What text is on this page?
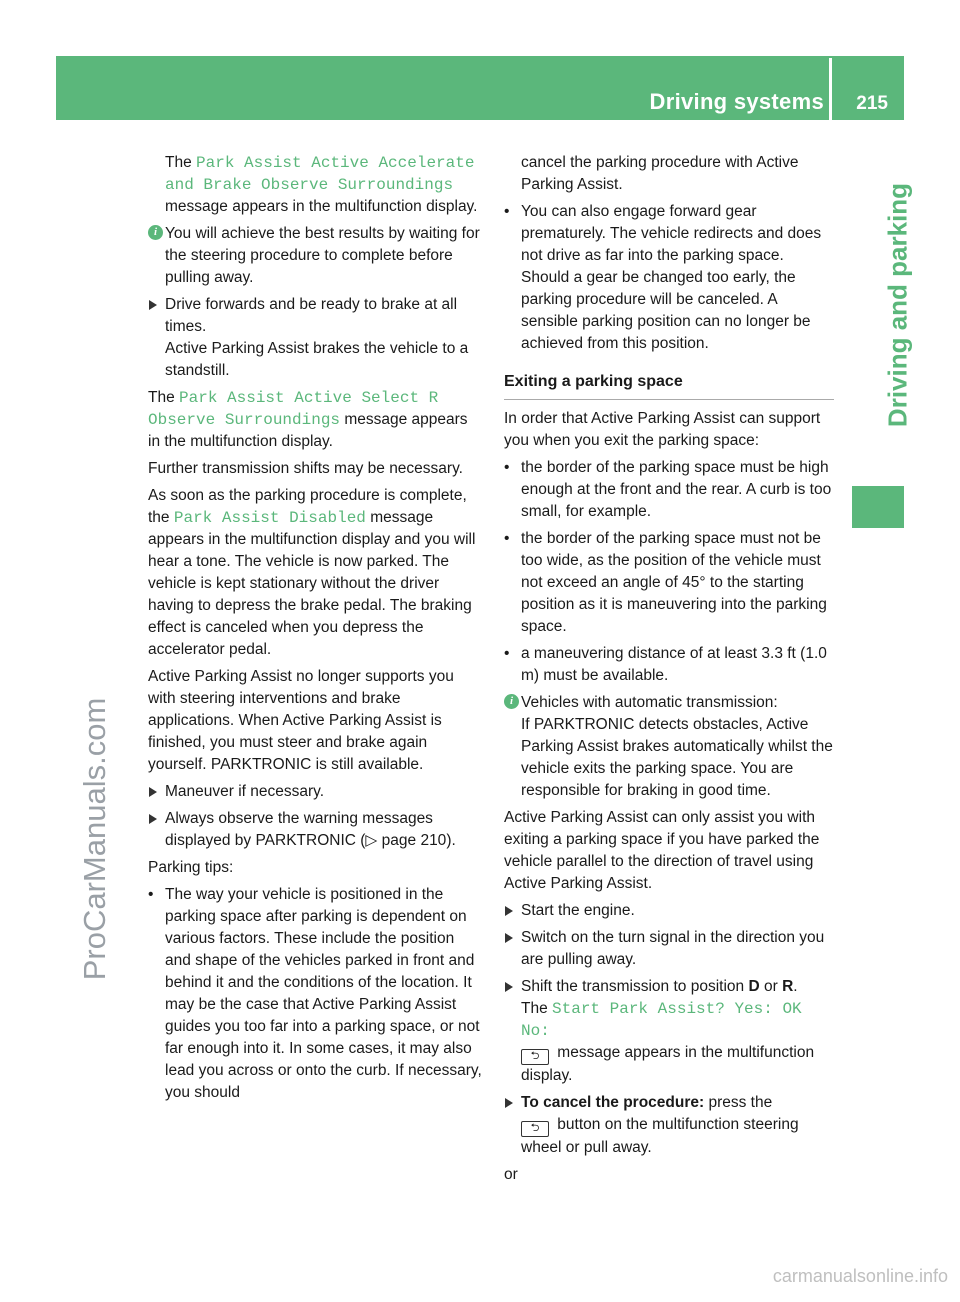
Driving systems 215
Driving and parking
ProCarManuals.com
carmanualsonline.info

The Park Assist Active Accelerate and Brake Observe Surroundings message appears in the multifunction display.

i You will achieve the best results by waiting for the steering procedure to complete before pulling away.
Drive forwards and be ready to brake at all times.
Active Parking Assist brakes the vehicle to a standstill.

The Park Assist Active Select R Observe Surroundings message appears in the multifunction display.

Further transmission shifts may be necessary.

As soon as the parking procedure is complete, the Park Assist Disabled message appears in the multifunction display and you will hear a tone. The vehicle is now parked. The vehicle is kept stationary without the driver having to depress the brake pedal. The braking effect is canceled when you depress the accelerator pedal.

Active Parking Assist no longer supports you with steering interventions and brake applications. When Active Parking Assist is finished, you must steer and brake again yourself. PARKTRONIC is still available.

Maneuver if necessary.
Always observe the warning messages displayed by PARKTRONIC (▷ page 210).

Parking tips:

• The way your vehicle is positioned in the parking space after parking is dependent on various factors. These include the position and shape of the vehicles parked in front and behind it and the conditions of the location. It may be the case that Active Parking Assist guides you too far into a parking space, or not far enough into it. In some cases, it may also lead you across or onto the curb. If necessary, you should

cancel the parking procedure with Active Parking Assist.

• You can also engage forward gear prematurely. The vehicle redirects and does not drive as far into the parking space. Should a gear be changed too early, the parking procedure will be canceled. A sensible parking position can no longer be achieved from this position.
Exiting a parking space

In order that Active Parking Assist can support you when you exit the parking space:

• the border of the parking space must be high enough at the front and the rear. A curb is too small, for example.
• the border of the parking space must not be too wide, as the position of the vehicle must not exceed an angle of 45° to the starting position as it is maneuvering into the parking space.
• a maneuvering distance of at least 3.3 ft (1.0 m) must be available.
i Vehicles with automatic transmission:
If PARKTRONIC detects obstacles, Active Parking Assist brakes automatically whilst the vehicle exits the parking space. You are responsible for braking in good time.

Active Parking Assist can only assist you with exiting a parking space if you have parked the vehicle parallel to the direction of travel using Active Parking Assist.

Start the engine.
Switch on the turn signal in the direction you are pulling away.
Shift the transmission to position D or R.
The Start Park Assist? Yes: OK No:
⮌ message appears in the multifunction display.
To cancel the procedure: press the
⮌ button on the multifunction steering wheel or pull away.

or
